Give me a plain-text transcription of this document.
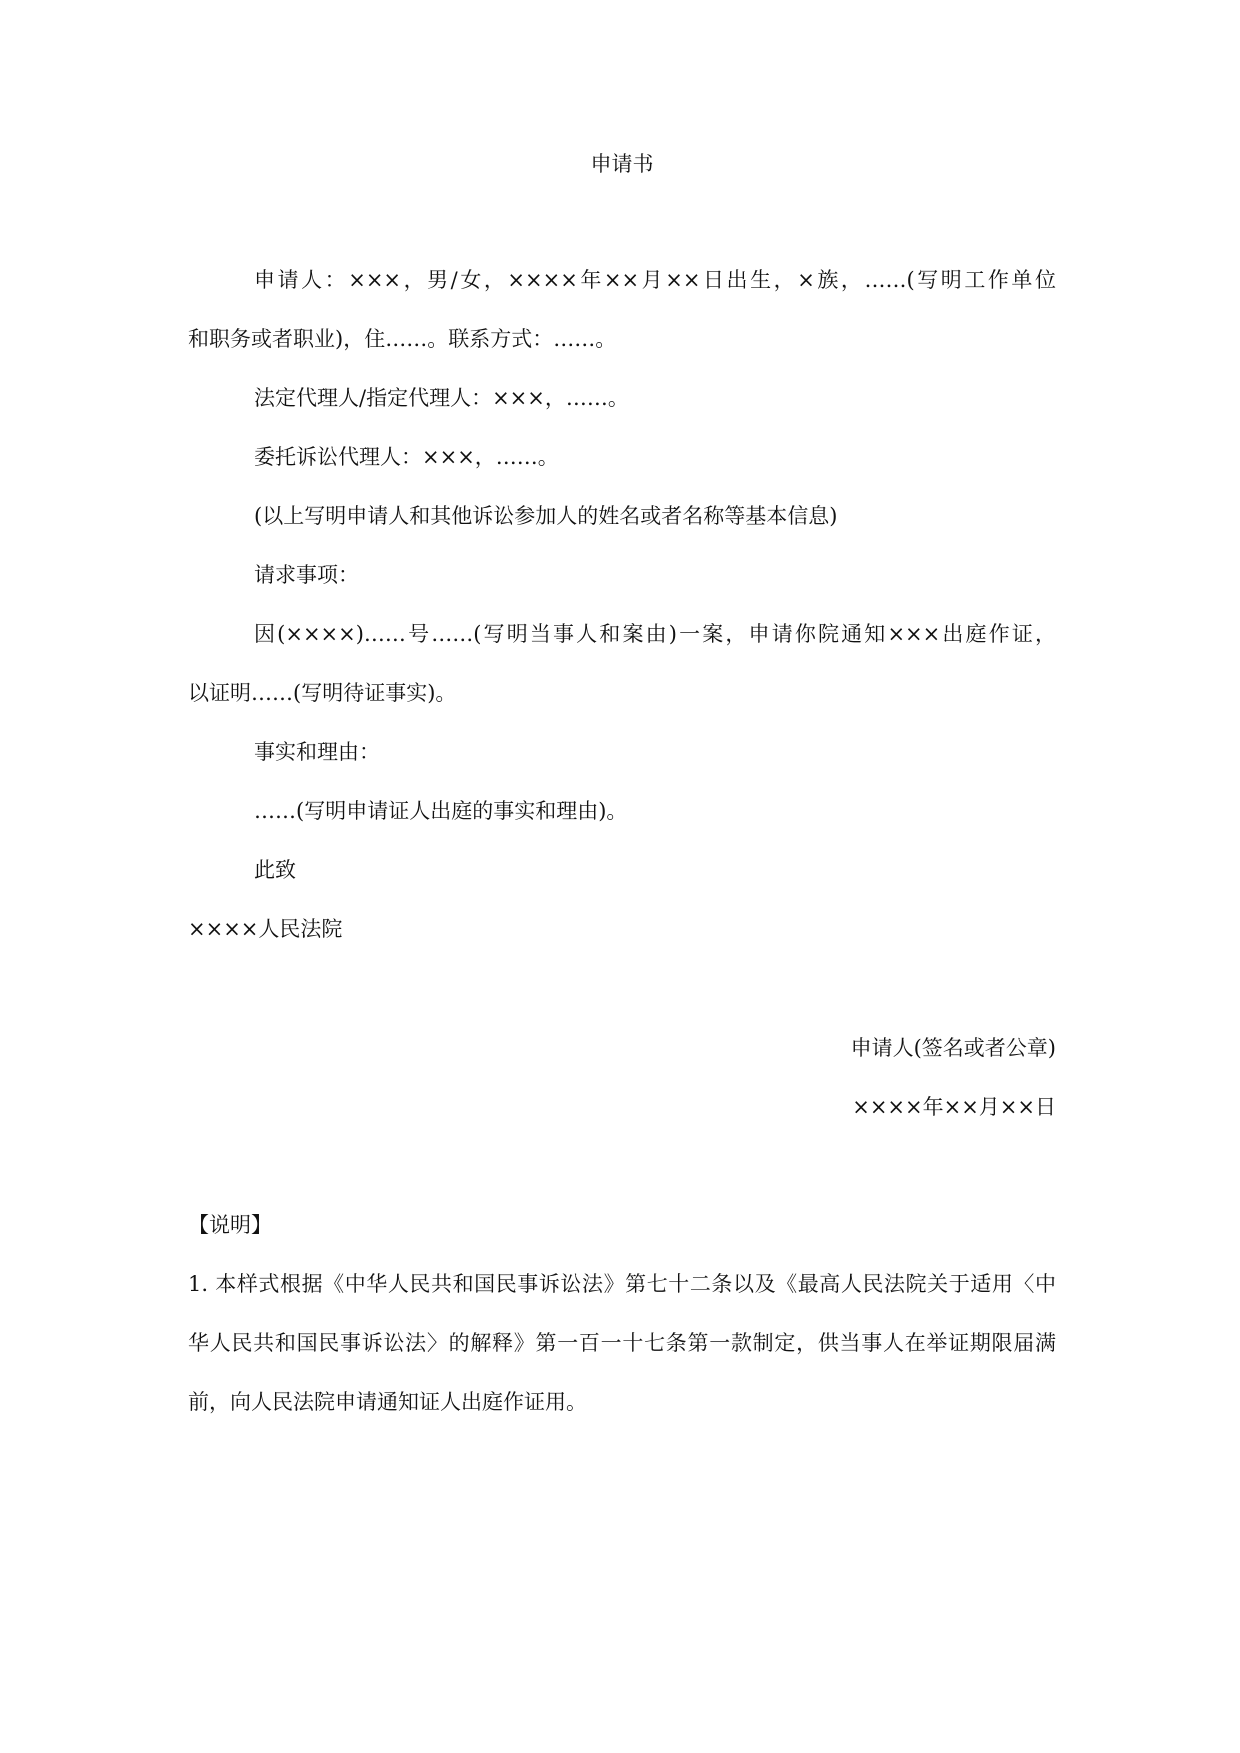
申请书
申请人：×××，男/女，××××年××月××日出生，×族，……(写明工作单位
和职务或者职业)，住……。联系方式：……。
法定代理人/指定代理人：×××，……。
委托诉讼代理人：×××，……。
(以上写明申请人和其他诉讼参加人的姓名或者名称等基本信息)
请求事项：
因(××××)……号……(写明当事人和案由)一案，申请你院通知×××出庭作证，
以证明……(写明待证事实)。
事实和理由：
……(写明申请证人出庭的事实和理由)。
此致
××××人民法院
申请人(签名或者公章)
××××年××月××日
【说明】
1. 本样式根据《中华人民共和国民事诉讼法》第七十二条以及《最高人民法院关于适用〈中
华人民共和国民事诉讼法〉的解释》第一百一十七条第一款制定，供当事人在举证期限届满
前，向人民法院申请通知证人出庭作证用。
